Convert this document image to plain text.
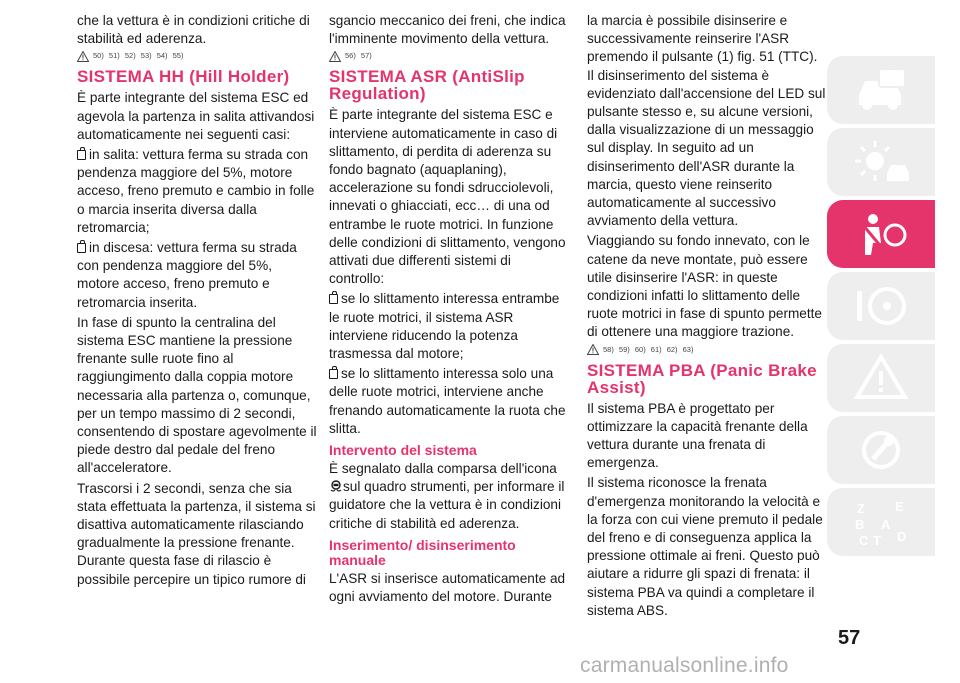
che la vettura è in condizioni critiche di stabilità ed aderenza.

50) 51) 52) 53) 54) 55)
SISTEMA HH (Hill Holder)

È parte integrante del sistema ESC ed agevola la partenza in salita attivandosi automaticamente nei seguenti casi:

in salita: vettura ferma su strada con pendenza maggiore del 5%, motore acceso, freno premuto e cambio in folle o marcia inserita diversa dalla retromarcia;

in discesa: vettura ferma su strada con pendenza maggiore del 5%, motore acceso, freno premuto e retromarcia inserita.

In fase di spunto la centralina del sistema ESC mantiene la pressione frenante sulle ruote fino al raggiungimento dalla coppia motore necessaria alla partenza o, comunque, per un tempo massimo di 2 secondi, consentendo di spostare agevolmente il piede destro dal pedale del freno all'acceleratore.

Trascorsi i 2 secondi, senza che sia stata effettuata la partenza, il sistema si disattiva automaticamente rilasciando gradualmente la pressione frenante. Durante questa fase di rilascio è possibile percepire un tipico rumore di

sgancio meccanico dei freni, che indica l'imminente movimento della vettura.

56) 57)
SISTEMA ASR (AntiSlip Regulation)

È parte integrante del sistema ESC e interviene automaticamente in caso di slittamento, di perdita di aderenza su fondo bagnato (aquaplaning), accelerazione su fondi sdrucciolevoli, innevati o ghiacciati, ecc… di una od entrambe le ruote motrici. In funzione delle condizioni di slittamento, vengono attivati due differenti sistemi di controllo:

se lo slittamento interessa entrambe le ruote motrici, il sistema ASR interviene riducendo la potenza trasmessa dal motore;

se lo slittamento interessa solo una delle ruote motrici, interviene anche frenando automaticamente la ruota che slitta.

Intervento del sistema

È segnalato dalla comparsa dell'icona sul quadro strumenti, per informare il guidatore che la vettura è in condizioni critiche di stabilità ed aderenza.

Inserimento/ disinserimento manuale

L'ASR si inserisce automaticamente ad ogni avviamento del motore. Durante

la marcia è possibile disinserire e successivamente reinserire l'ASR premendo il pulsante (1) fig. 51 (TTC). Il disinserimento del sistema è evidenziato dall'accensione del LED sul pulsante stesso e, su alcune versioni, dalla visualizzazione di un messaggio sul display. In seguito ad un disinserimento dell'ASR durante la marcia, questo viene reinserito automaticamente al successivo avviamento della vettura.

Viaggiando su fondo innevato, con le catene da neve montate, può essere utile disinserire l'ASR: in queste condizioni infatti lo slittamento delle ruote motrici in fase di spunto permette di ottenere una maggiore trazione.

58) 59) 60) 61) 62) 63)
SISTEMA PBA (Panic Brake Assist)

Il sistema PBA è progettato per ottimizzare la capacità frenante della vettura durante una frenata di emergenza.

Il sistema riconosce la frenata d'emergenza monitorando la velocità e la forza con cui viene premuto il pedale del freno e di conseguenza applica la pressione ottimale ai freni. Questo può aiutare a ridurre gli spazi di frenata: il sistema PBA va quindi a completare il sistema ABS.

Z E
B A
C T D
57
carmanualsonline.info
